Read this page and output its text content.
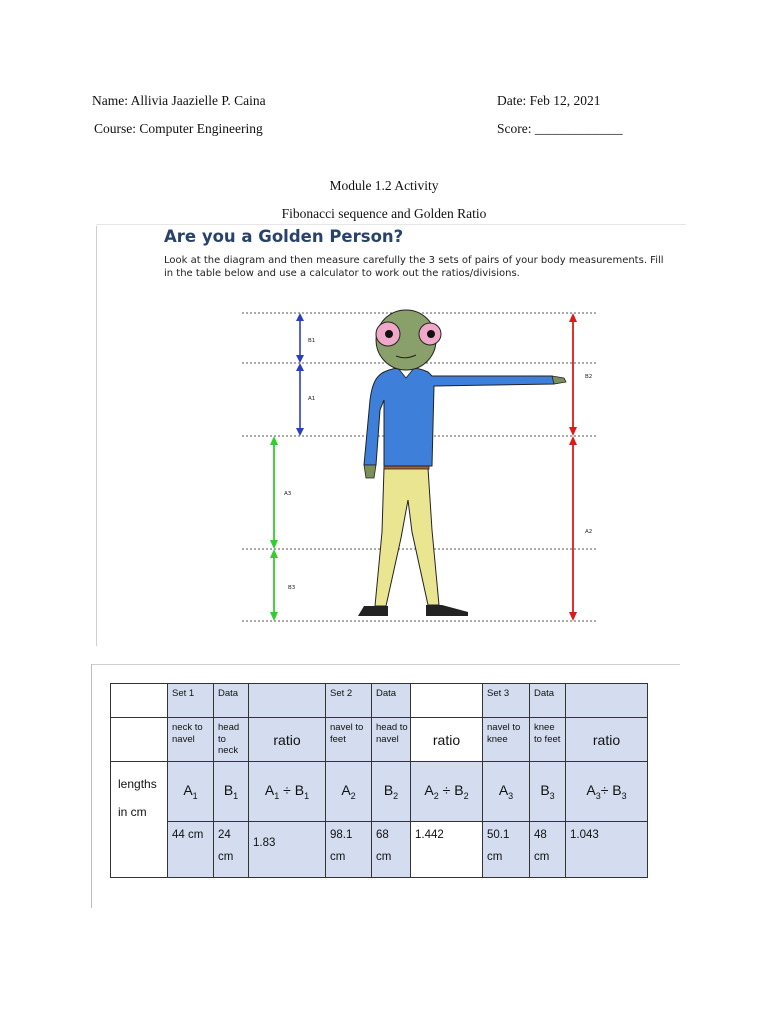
Name: Allivia Jaazielle P. Caina	Date: Feb 12, 2021
Course: Computer Engineering	Score: _____________
Module 1.2 Activity
Fibonacci sequence and Golden Ratio
Are you a Golden Person?
Look at the diagram and then measure carefully the 3 sets of pairs of your body measurements. Fill in the table below and use a calculator to work out the ratios/divisions.
B1
A1
A3
B3
B2
A2
	Set 1	Data		Set 2	Data		Set 3	Data	
	neck to navel	head to neck	ratio	navel to feet	head to navel	ratio	navel to knee	knee to feet	ratio

lengths
in cm	$A_1$	$B_1$	$A_1 \div B_1$	$A_2$	$B_2$	$A_2 \div B_2$	$A_3$	$B_3$	$A_3\div B_3$
	44 cm	24 cm	1.83	98.1 cm	68 cm	1.442	50.1 cm	48 cm	1.043
